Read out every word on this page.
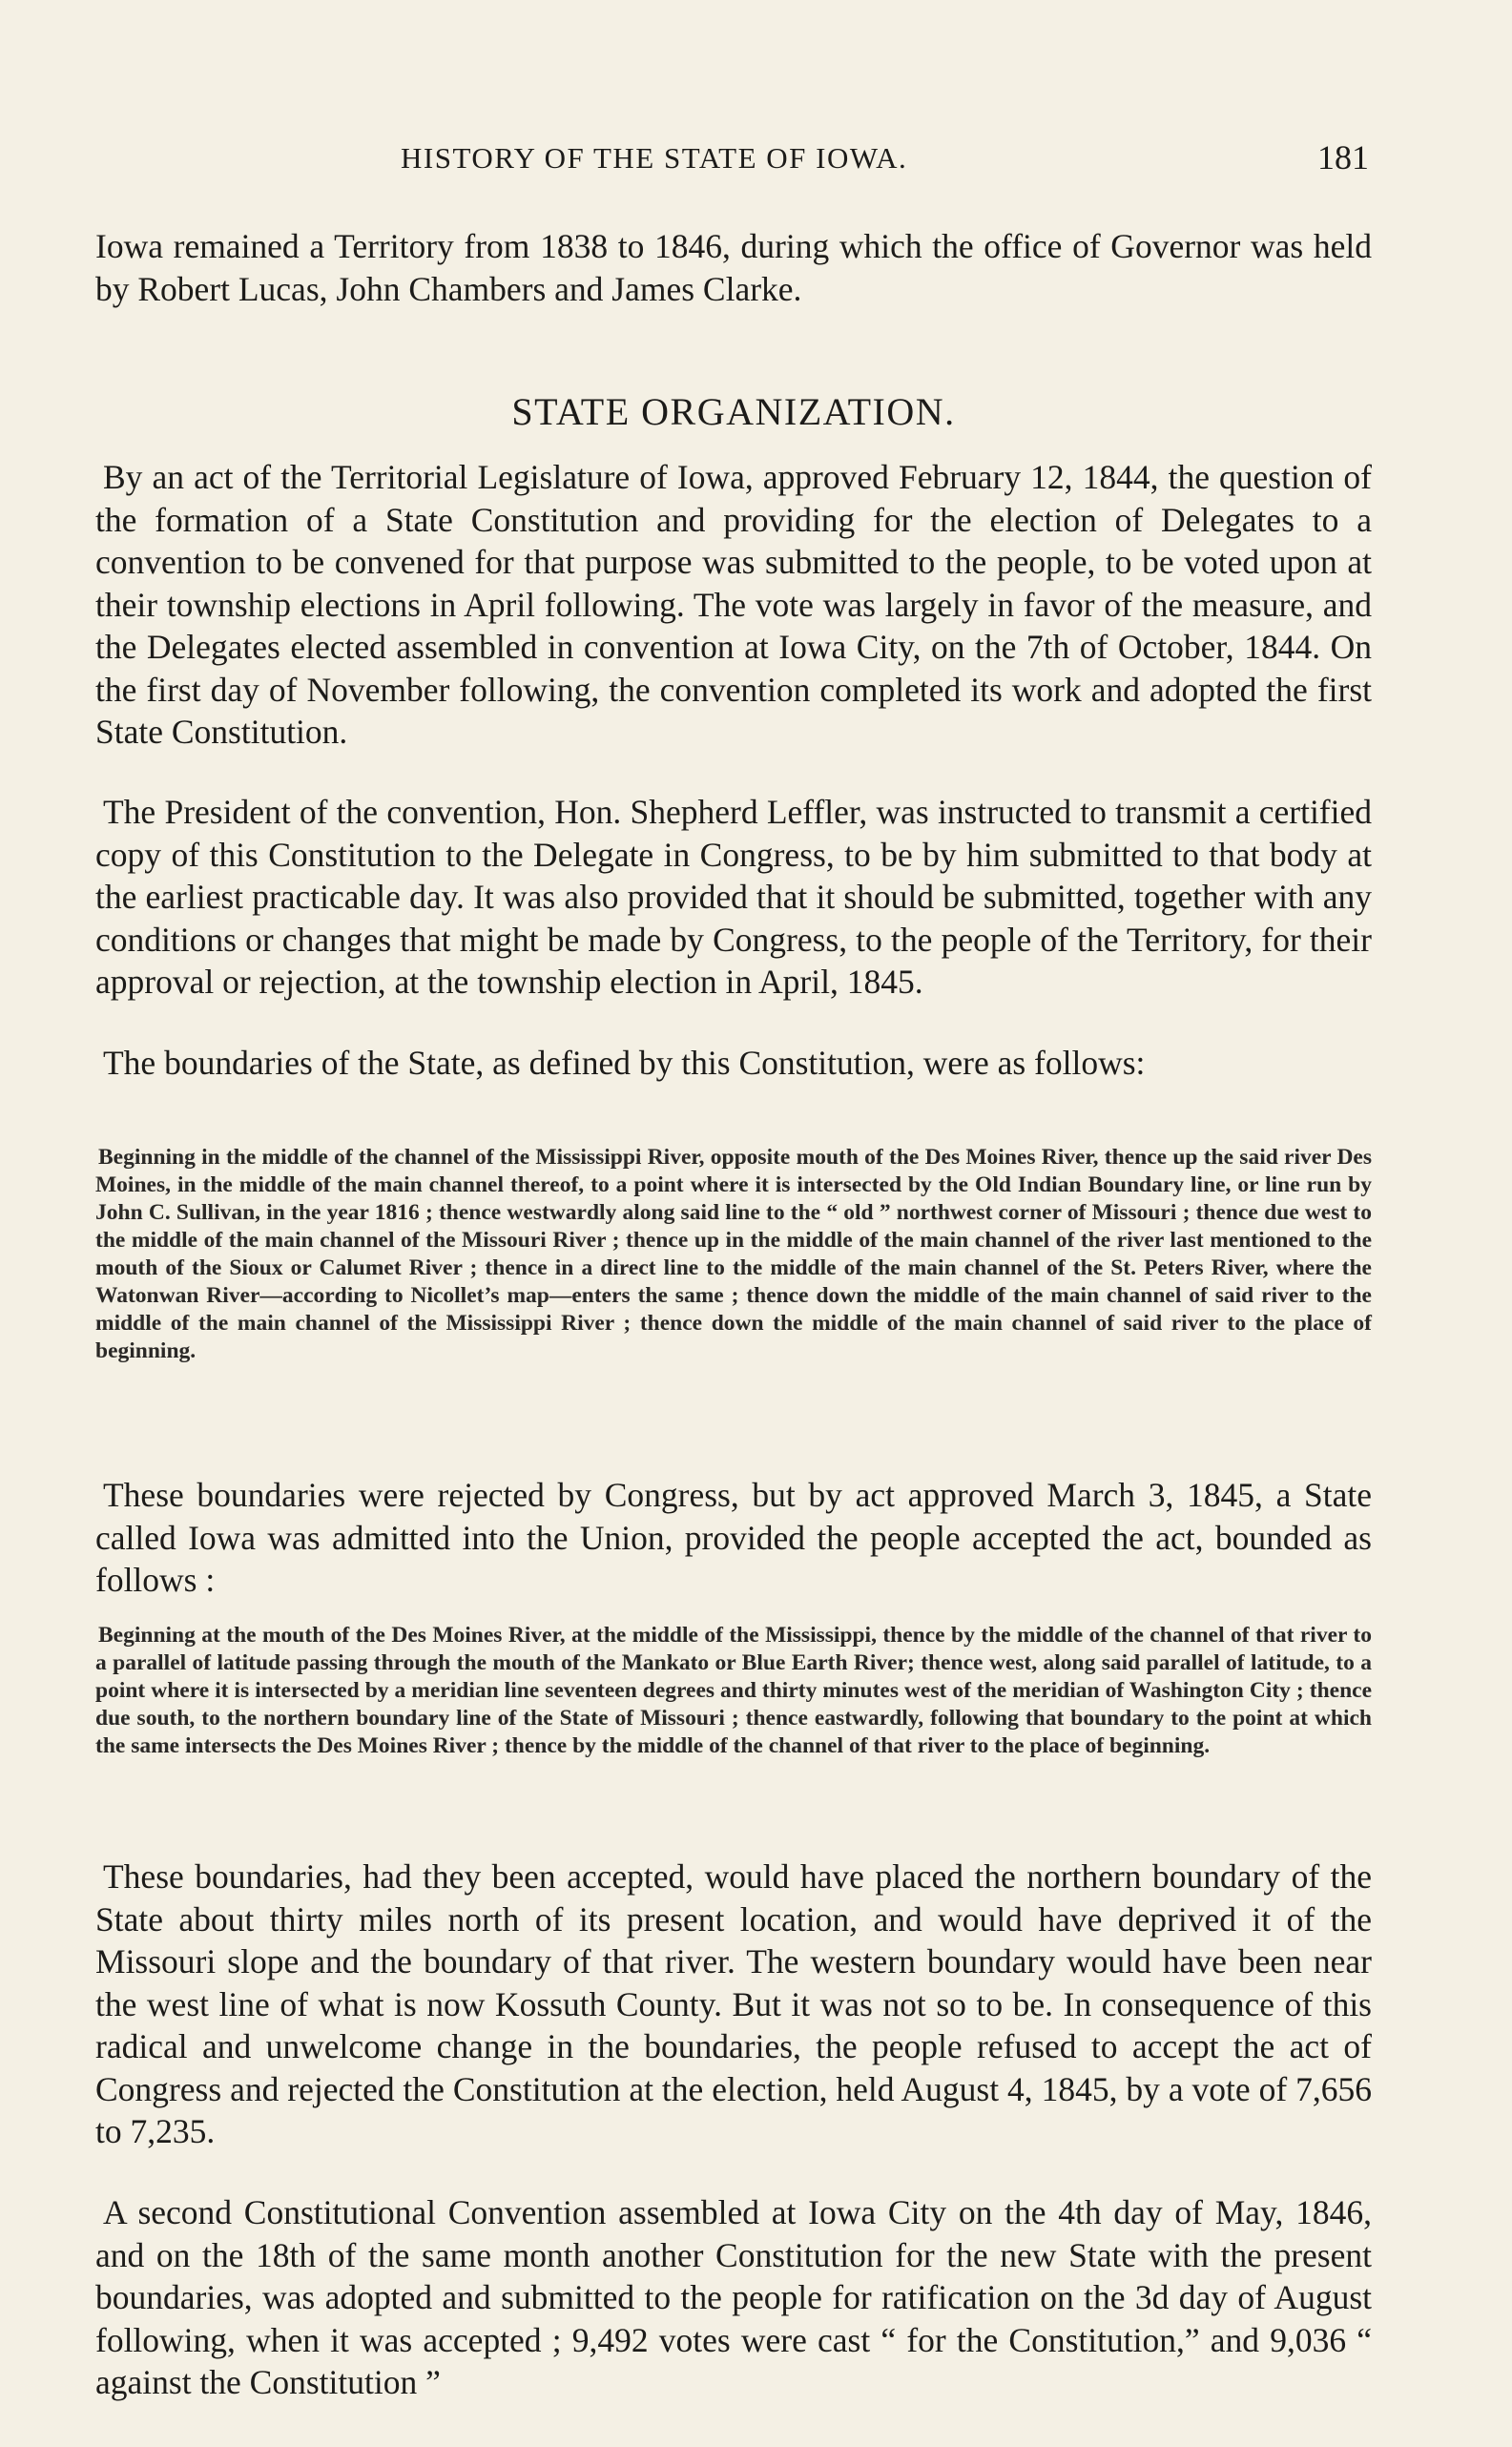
HISTORY OF THE STATE OF IOWA.	181

Iowa remained a Territory from 1838 to 1846, during which the office of Governor was held by Robert Lucas, John Chambers and James Clarke.

STATE ORGANIZATION.

By an act of the Territorial Legislature of Iowa, approved February 12, 1844, the question of the formation of a State Constitution and providing for the election of Delegates to a convention to be convened for that purpose was submitted to the people, to be voted upon at their township elections in April following. The vote was largely in favor of the measure, and the Delegates elected assembled in convention at Iowa City, on the 7th of October, 1844. On the first day of November following, the convention completed its work and adopted the first State Constitution.

The President of the convention, Hon. Shepherd Leffler, was instructed to transmit a certified copy of this Constitution to the Delegate in Congress, to be by him submitted to that body at the earliest practicable day. It was also provided that it should be submitted, together with any conditions or changes that might be made by Congress, to the people of the Territory, for their approval or rejection, at the township election in April, 1845.

The boundaries of the State, as defined by this Constitution, were as follows:

Beginning in the middle of the channel of the Mississippi River, opposite mouth of the Des Moines River, thence up the said river Des Moines, in the middle of the main channel thereof, to a point where it is intersected by the Old Indian Boundary line, or line run by John C. Sullivan, in the year 1816 ; thence westwardly along said line to the “ old ” northwest corner of Missouri ; thence due west to the middle of the main channel of the Missouri River ; thence up in the middle of the main channel of the river last mentioned to the mouth of the Sioux or Calumet River ; thence in a direct line to the middle of the main channel of the St. Peters River, where the Watonwan River—according to Nicollet’s map—enters the same ; thence down the middle of the main channel of said river to the middle of the main channel of the Mississippi River ; thence down the middle of the main channel of said river to the place of beginning.

These boundaries were rejected by Congress, but by act approved March 3, 1845, a State called Iowa was admitted into the Union, provided the people accepted the act, bounded as follows :

Beginning at the mouth of the Des Moines River, at the middle of the Mississippi, thence by the middle of the channel of that river to a parallel of latitude passing through the mouth of the Mankato or Blue Earth River; thence west, along said parallel of latitude, to a point where it is intersected by a meridian line seventeen degrees and thirty minutes west of the meridian of Washington City ; thence due south, to the northern boundary line of the State of Missouri ; thence eastwardly, following that boundary to the point at which the same intersects the Des Moines River ; thence by the middle of the channel of that river to the place of beginning.

These boundaries, had they been accepted, would have placed the northern boundary of the State about thirty miles north of its present location, and would have deprived it of the Missouri slope and the boundary of that river. The western boundary would have been near the west line of what is now Kossuth County. But it was not so to be. In consequence of this radical and unwelcome change in the boundaries, the people refused to accept the act of Congress and rejected the Constitution at the election, held August 4, 1845, by a vote of 7,656 to 7,235.

A second Constitutional Convention assembled at Iowa City on the 4th day of May, 1846, and on the 18th of the same month another Constitution for the new State with the present boundaries, was adopted and submitted to the people for ratification on the 3d day of August following, when it was accepted ; 9,492 votes were cast “ for the Constitution,” and 9,036 “ against the Constitution ”
